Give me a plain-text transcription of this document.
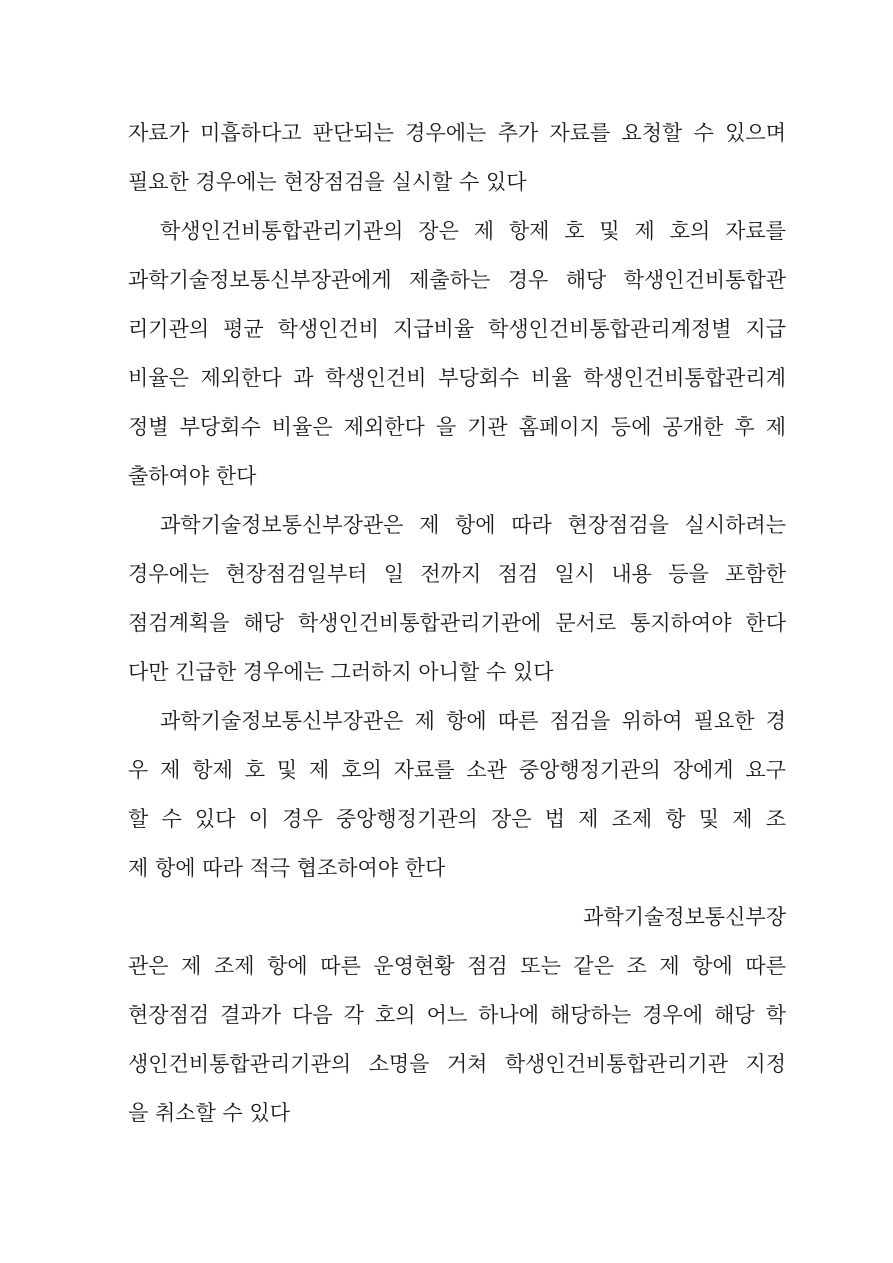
자료가 미흡하다고 판단되는 경우에는 추가 자료를 요청할 수 있으며
필요한 경우에는 현장점검을 실시할 수 있다
학생인건비통합관리기관의 장은 제 항제 호 및 제 호의 자료를
과학기술정보통신부장관에게 제출하는 경우 해당 학생인건비통합관
리기관의 평균 학생인건비 지급비율 학생인건비통합관리계정별 지급
비율은 제외한다 과 학생인건비 부당회수 비율 학생인건비통합관리계
정별 부당회수 비율은 제외한다 을 기관 홈페이지 등에 공개한 후 제
출하여야 한다
과학기술정보통신부장관은 제 항에 따라 현장점검을 실시하려는
경우에는 현장점검일부터 일 전까지 점검 일시 내용 등을 포함한
점검계획을 해당 학생인건비통합관리기관에 문서로 통지하여야 한다
다만 긴급한 경우에는 그러하지 아니할 수 있다
과학기술정보통신부장관은 제 항에 따른 점검을 위하여 필요한 경
우 제 항제 호 및 제 호의 자료를 소관 중앙행정기관의 장에게 요구
할 수 있다 이 경우 중앙행정기관의 장은 법 제 조제 항 및 제 조
제 항에 따라 적극 협조하여야 한다
과학기술정보통신부장
관은 제 조제 항에 따른 운영현황 점검 또는 같은 조 제 항에 따른
현장점검 결과가 다음 각 호의 어느 하나에 해당하는 경우에 해당 학
생인건비통합관리기관의 소명을 거쳐 학생인건비통합관리기관 지정
을 취소할 수 있다
